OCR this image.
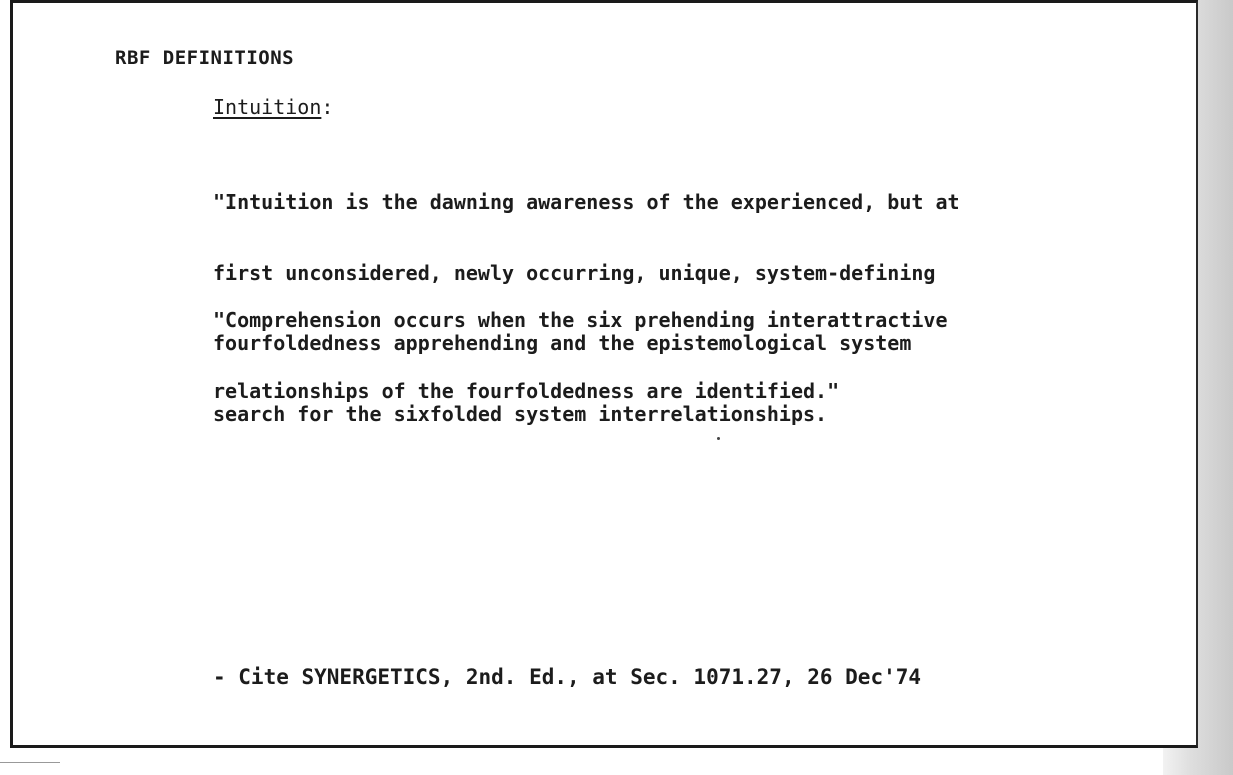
RBF DEFINITIONS
Intuition:

"Intuition is the dawning awareness of the experienced, but at

first unconsidered, newly occurring, unique, system-defining

fourfoldedness apprehending and the epistemological system

search for the sixfolded system interrelationships.

"Comprehension occurs when the six prehending interattractive

relationships of the fourfoldedness are identified."

- Cite SYNERGETICS, 2nd. Ed., at Sec. 1071.27, 26 Dec'74
